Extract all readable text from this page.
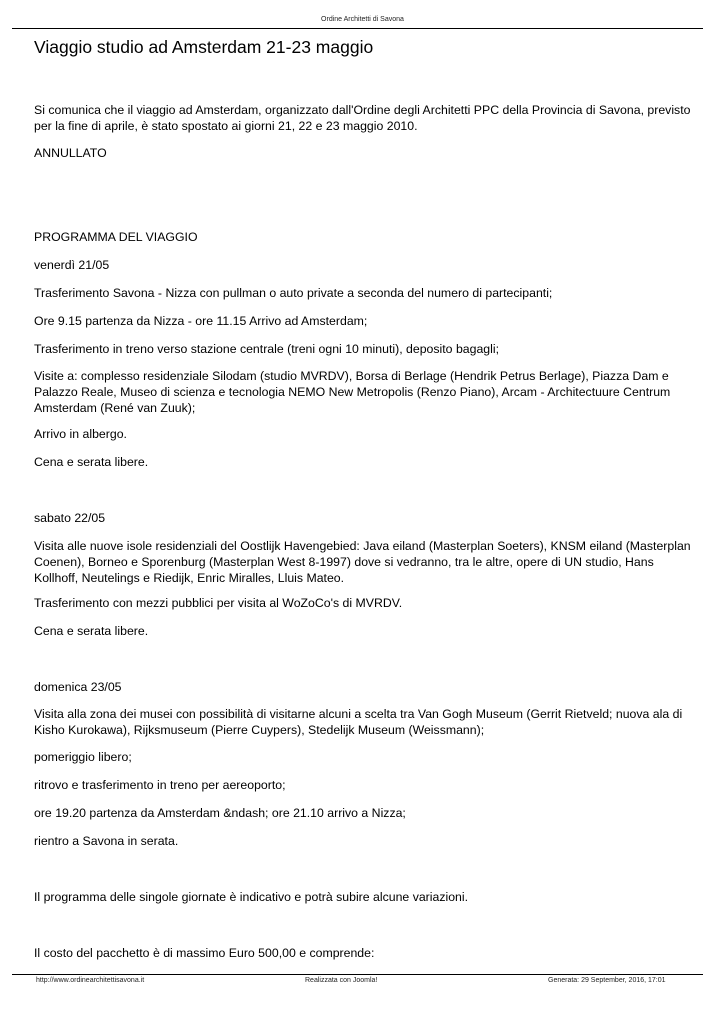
Ordine Architetti di Savona
Viaggio studio ad Amsterdam 21-23 maggio

Si comunica che il viaggio ad Amsterdam, organizzato dall'Ordine degli Architetti PPC della Provincia di Savona, previsto per la fine di aprile, è stato spostato ai giorni 21, 22 e 23 maggio 2010.

ANNULLATO

PROGRAMMA DEL VIAGGIO

venerdì 21/05

Trasferimento Savona - Nizza con pullman o auto private a seconda del numero di partecipanti;

Ore 9.15 partenza da Nizza - ore 11.15 Arrivo ad Amsterdam;

Trasferimento in treno verso stazione centrale (treni ogni 10 minuti), deposito bagagli;

Visite a: complesso residenziale Silodam (studio MVRDV), Borsa di Berlage (Hendrik Petrus Berlage), Piazza Dam e Palazzo Reale, Museo di scienza e tecnologia NEMO New Metropolis (Renzo Piano), Arcam - Architectuure Centrum Amsterdam (René van Zuuk);

Arrivo in albergo.

Cena e serata libere.

sabato 22/05

Visita alle nuove isole residenziali del Oostlijk Havengebied: Java eiland (Masterplan Soeters), KNSM eiland (Masterplan Coenen), Borneo e Sporenburg (Masterplan West 8-1997) dove si vedranno, tra le altre, opere di UN studio, Hans Kollhoff, Neutelings e Riedijk, Enric Miralles, Lluis Mateo.

Trasferimento con mezzi pubblici per visita al WoZoCo's di MVRDV.

Cena e serata libere.

domenica 23/05

Visita alla zona dei musei con possibilità di visitarne alcuni a scelta tra Van Gogh Museum (Gerrit Rietveld; nuova ala di Kisho Kurokawa), Rijksmuseum (Pierre Cuypers), Stedelijk Museum (Weissmann);

pomeriggio libero;

ritrovo e trasferimento in treno per aereoporto;

ore 19.20 partenza da Amsterdam &ndash; ore 21.10 arrivo a Nizza;

rientro a Savona in serata.

Il programma delle singole giornate è indicativo e potrà subire alcune variazioni.

Il costo del pacchetto è di massimo Euro 500,00 e comprende:

http://www.ordinearchitettisavona.it	Realizzata con Joomla!	Generata: 29 September, 2016, 17:01
